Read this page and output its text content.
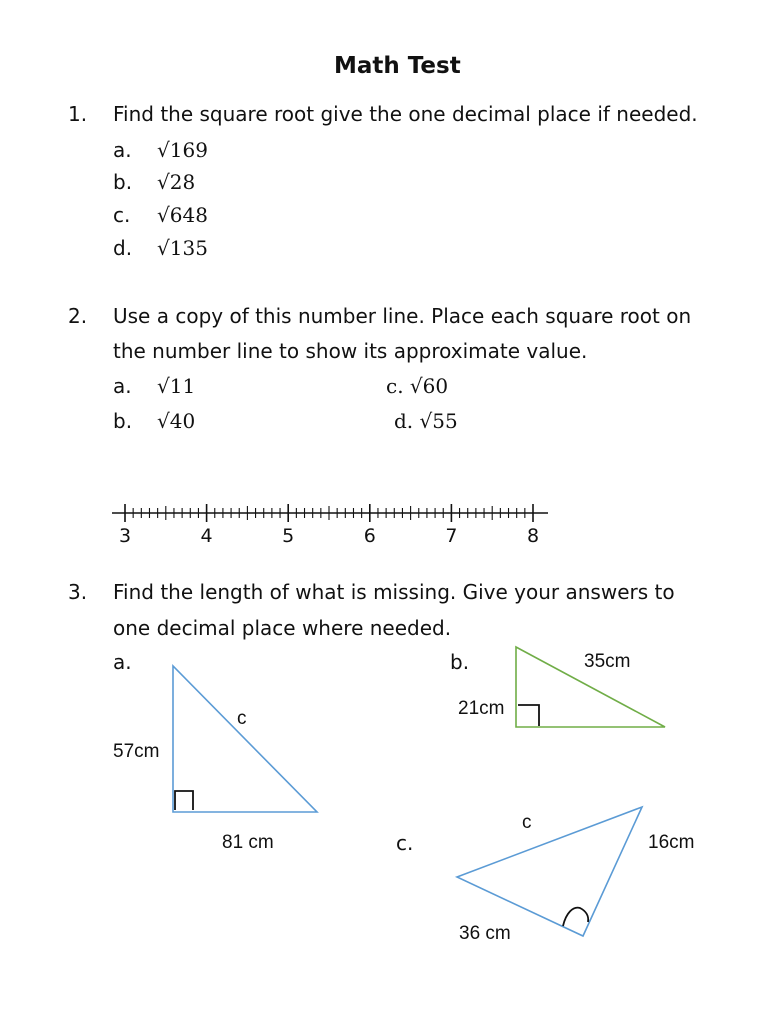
Math Test
1. Find the square root give the one decimal place if needed.
a. √169
b. √28
c. √648
d. √135
2. Use a copy of this number line. Place each square root on
the number line to show its approximate value.
a. √11
b. √40
c. √60
d. √55
3	4	5	6	7	8
3. Find the length of what is missing. Give your answers to
one decimal place where needed.
a.	b.
c.
c
57cm
81 cm
35cm
21cm
c
16cm
36 cm
